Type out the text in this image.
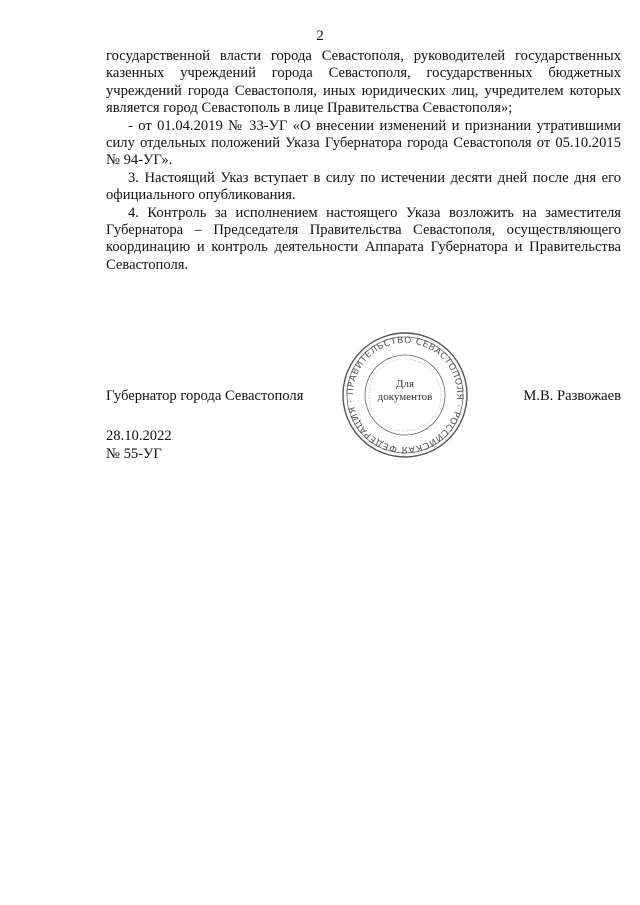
2

государственной власти города Севастополя, руководителей государственных казенных учреждений города Севастополя, государственных бюджетных учреждений города Севастополя, иных юридических лиц, учредителем которых является город Севастополь в лице Правительства Севастополя»;

- от 01.04.2019 № 33-УГ «О внесении изменений и признании утратившими силу отдельных положений Указа Губернатора города Севастополя от 05.10.2015 № 94-УГ».

3. Настоящий Указ вступает в силу по истечении десяти дней после дня его официального опубликования.

4. Контроль за исполнением настоящего Указа возложить на заместителя Губернатора – Председателя Правительства Севастополя, осуществляющего координацию и контроль деятельности Аппарата Губернатора и Правительства Севастополя.

ПРАВИТЕЛЬСТВО СЕВАСТОПОЛЯ · РОССИЙСКАЯ ФЕДЕРАЦИЯ ·
Для
документов
Губернатор города Севастополя	М.В. Развожаев
28.10.2022
№ 55-УГ
